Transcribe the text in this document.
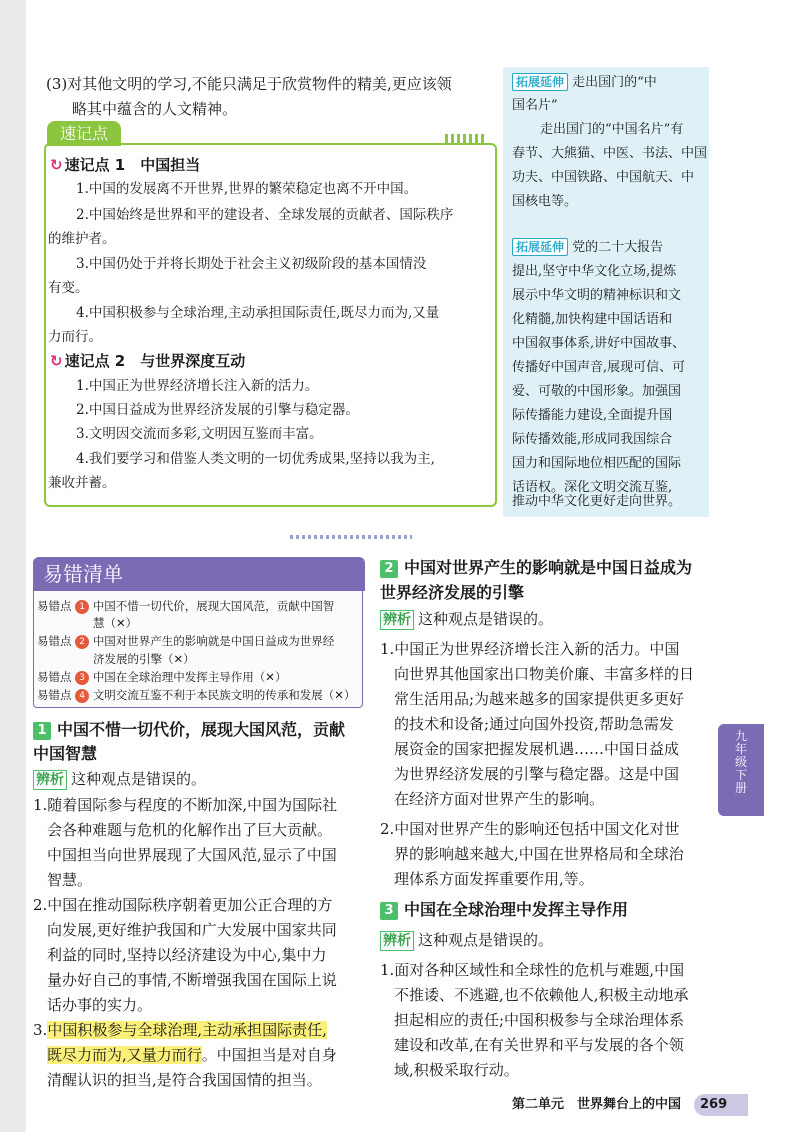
(3)对其他文明的学习,不能只满足于欣赏物件的精美,更应该领

略其中蕴含的人文精神。

速记点
↻ 速记点 1　中国担当
1.中国的发展离不开世界,世界的繁荣稳定也离不开中国。
2.中国始终是世界和平的建设者、全球发展的贡献者、国际秩序
的维护者。
3.中国仍处于并将长期处于社会主义初级阶段的基本国情没
有变。
4.中国积极参与全球治理,主动承担国际责任,既尽力而为,又量
力而行。
↻ 速记点 2　与世界深度互动
1.中国正为世界经济增长注入新的活力。
2.中国日益成为世界经济发展的引擎与稳定器。
3.文明因交流而多彩,文明因互鉴而丰富。
4.我们要学习和借鉴人类文明的一切优秀成果,坚持以我为主,
兼收并蓄。
拓展延伸 走出国门的“中
国名片”
走出国门的“中国名片”有
春节、大熊猫、中医、书法、中国
功夫、中国铁路、中国航天、中
国核电等。
拓展延伸 党的二十大报告
提出,坚守中华文化立场,提炼
展示中华文明的精神标识和文
化精髓,加快构建中国话语和
中国叙事体系,讲好中国故事、
传播好中国声音,展现可信、可
爱、可敬的中国形象。加强国
际传播能力建设,全面提升国
际传播效能,形成同我国综合
国力和国际地位相匹配的国际
话语权。深化文明交流互鉴,
推动中华文化更好走向世界。
易错清单
易错点 1 中国不惜一切代价，展现大国风范，贡献中国智
慧（✕）
易错点 2 中国对世界产生的影响就是中国日益成为世界经
济发展的引擎（✕）
易错点 3 中国在全球治理中发挥主导作用（✕）
易错点 4 文明交流互鉴不利于本民族文明的传承和发展（✕）
1 中国不惜一切代价，展现大国风范，贡献
中国智慧
辨析 这种观点是错误的。
1.随着国际参与程度的不断加深,中国为国际社
会各种难题与危机的化解作出了巨大贡献。
中国担当向世界展现了大国风范,显示了中国
智慧。
2.中国在推动国际秩序朝着更加公正合理的方
向发展,更好维护我国和广大发展中国家共同
利益的同时,坚持以经济建设为中心,集中力
量办好自己的事情,不断增强我国在国际上说
话办事的实力。
3.中国积极参与全球治理,主动承担国际责任,
既尽力而为,又量力而行。中国担当是对自身
清醒认识的担当,是符合我国国情的担当。
2 中国对世界产生的影响就是中国日益成为
世界经济发展的引擎
辨析 这种观点是错误的。
1.中国正为世界经济增长注入新的活力。中国
向世界其他国家出口物美价廉、丰富多样的日
常生活用品;为越来越多的国家提供更多更好
的技术和设备;通过向国外投资,帮助急需发
展资金的国家把握发展机遇……中国日益成
为世界经济发展的引擎与稳定器。这是中国
在经济方面对世界产生的影响。
2.中国对世界产生的影响还包括中国文化对世
界的影响越来越大,中国在世界格局和全球治
理体系方面发挥重要作用,等。
3 中国在全球治理中发挥主导作用
辨析 这种观点是错误的。
1.面对各种区域性和全球性的危机与难题,中国
不推诿、不逃避,也不依赖他人,积极主动地承
担起相应的责任;中国积极参与全球治理体系
建设和改革,在有关世界和平与发展的各个领
域,积极采取行动。
九
年
级
下
册
第二单元　世界舞台上的中国	269
